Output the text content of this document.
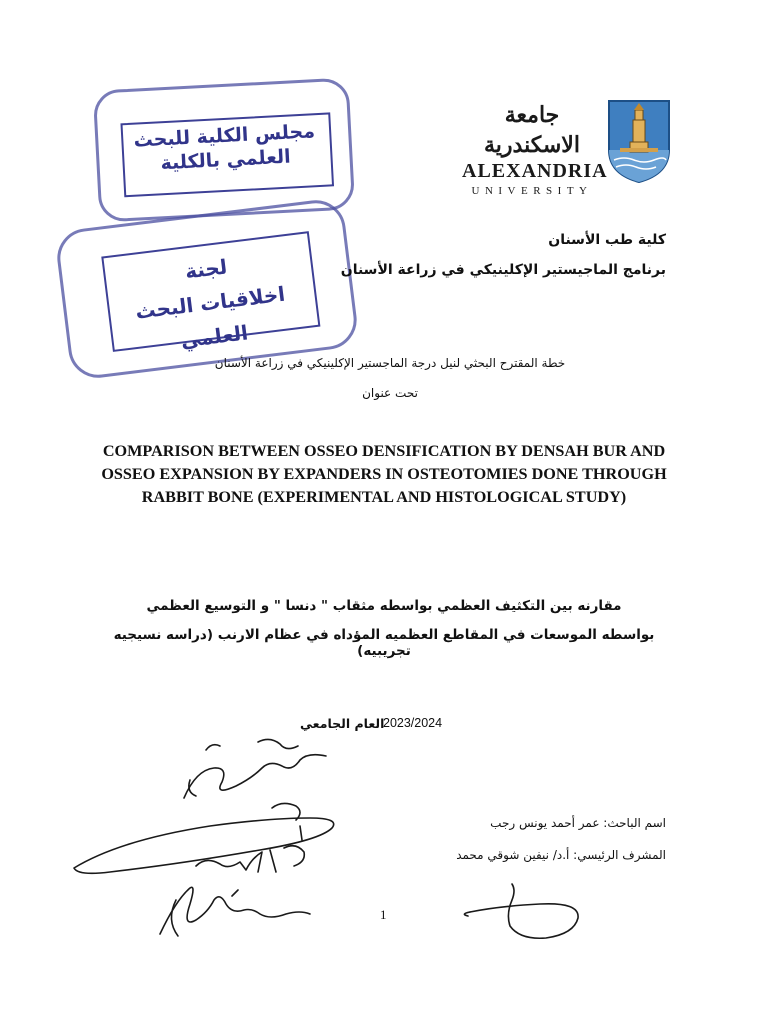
جامعة الاسكندرية
ALEXANDRIA
UNIVERSITY
مجلس الكلية للبحث العلمي بالكلية
لجنة
اخلاقيات البحث العلمي
كلية طب الأسنان
برنامج الماجيستير الإكلينيكي في زراعة الأسنان
خطة المقترح البحثي لنيل درجة الماجستير الإكلينيكي في زراعة الأسنان
تحت عنوان
COMPARISON BETWEEN OSSEO DENSIFICATION BY DENSAH BUR AND OSSEO EXPANSION BY EXPANDERS IN OSTEOTOMIES DONE THROUGH RABBIT BONE (EXPERIMENTAL AND HISTOLOGICAL STUDY)
مقارنه بين التكثيف العظمي بواسطه مثقاب " دنسا " و التوسيع العظمي
بواسطه الموسعات في المقاطع العظميه المؤداه في عظام الارنب (دراسه نسيجيه تجريبيه)
العام الجامعي
2023/2024
اسم الباحث: عمر أحمد يونس رجب
المشرف الرئيسي: أ.د/ نيفين شوقي محمد
1
